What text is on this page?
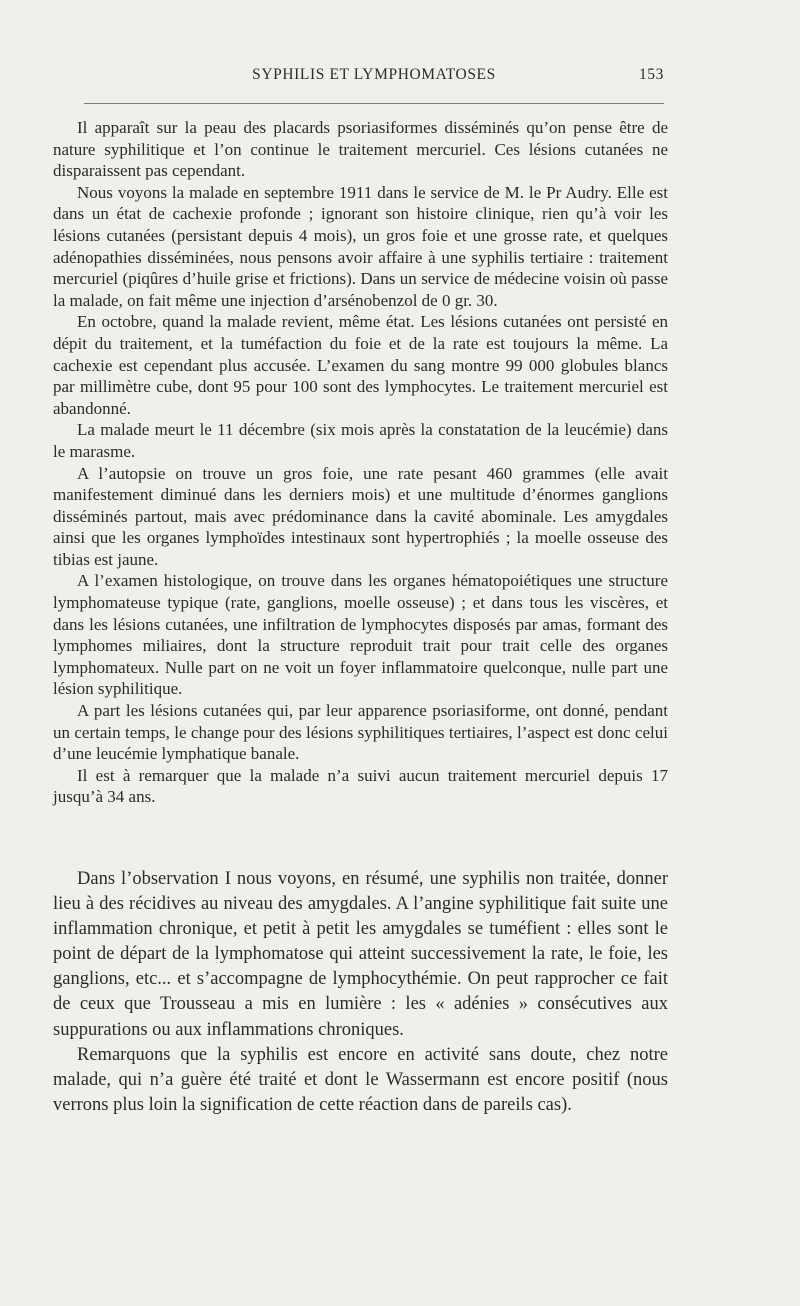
SYPHILIS ET LYMPHOMATOSES	153

Il apparaît sur la peau des placards psoriasiformes disséminés qu’on pense être de nature syphilitique et l’on continue le traitement mercuriel. Ces lésions cutanées ne disparaissent pas cependant.

Nous voyons la malade en septembre 1911 dans le service de M. le Pr Audry. Elle est dans un état de cachexie profonde ; ignorant son histoire clinique, rien qu’à voir les lésions cutanées (persistant depuis 4 mois), un gros foie et une grosse rate, et quelques adénopathies disséminées, nous pensons avoir affaire à une syphilis tertiaire : traitement mercuriel (piqûres d’huile grise et frictions). Dans un service de médecine voisin où passe la malade, on fait même une injection d’arsénobenzol de 0 gr. 30.

En octobre, quand la malade revient, même état. Les lésions cutanées ont persisté en dépit du traitement, et la tuméfaction du foie et de la rate est toujours la même. La cachexie est cependant plus accusée. L’examen du sang montre 99 000 globules blancs par millimètre cube, dont 95 pour 100 sont des lymphocytes. Le traitement mercuriel est abandonné.

La malade meurt le 11 décembre (six mois après la constatation de la leucémie) dans le marasme.

A l’autopsie on trouve un gros foie, une rate pesant 460 grammes (elle avait manifestement diminué dans les derniers mois) et une multitude d’énormes ganglions disséminés partout, mais avec prédominance dans la cavité abominale. Les amygdales ainsi que les organes lymphoïdes intestinaux sont hypertrophiés ; la moelle osseuse des tibias est jaune.

A l’examen histologique, on trouve dans les organes hématopoiétiques une structure lymphomateuse typique (rate, ganglions, moelle osseuse) ; et dans tous les viscères, et dans les lésions cutanées, une infiltration de lymphocytes disposés par amas, formant des lymphomes miliaires, dont la structure reproduit trait pour trait celle des organes lymphomateux. Nulle part on ne voit un foyer inflammatoire quelconque, nulle part une lésion syphilitique.

A part les lésions cutanées qui, par leur apparence psoriasiforme, ont donné, pendant un certain temps, le change pour des lésions syphilitiques tertiaires, l’aspect est donc celui d’une leucémie lymphatique banale.

Il est à remarquer que la malade n’a suivi aucun traitement mercuriel depuis 17 jusqu’à 34 ans.

Dans l’observation I nous voyons, en résumé, une syphilis non traitée, donner lieu à des récidives au niveau des amygdales. A l’angine syphilitique fait suite une inflammation chronique, et petit à petit les amygdales se tuméfient : elles sont le point de départ de la lymphomatose qui atteint successivement la rate, le foie, les ganglions, etc... et s’accompagne de lymphocythémie. On peut rapprocher ce fait de ceux que Trousseau a mis en lumière : les « adénies » consécutives aux suppurations ou aux inflammations chroniques.

Remarquons que la syphilis est encore en activité sans doute, chez notre malade, qui n’a guère été traité et dont le Wassermann est encore positif (nous verrons plus loin la signification de cette réaction dans de pareils cas).
